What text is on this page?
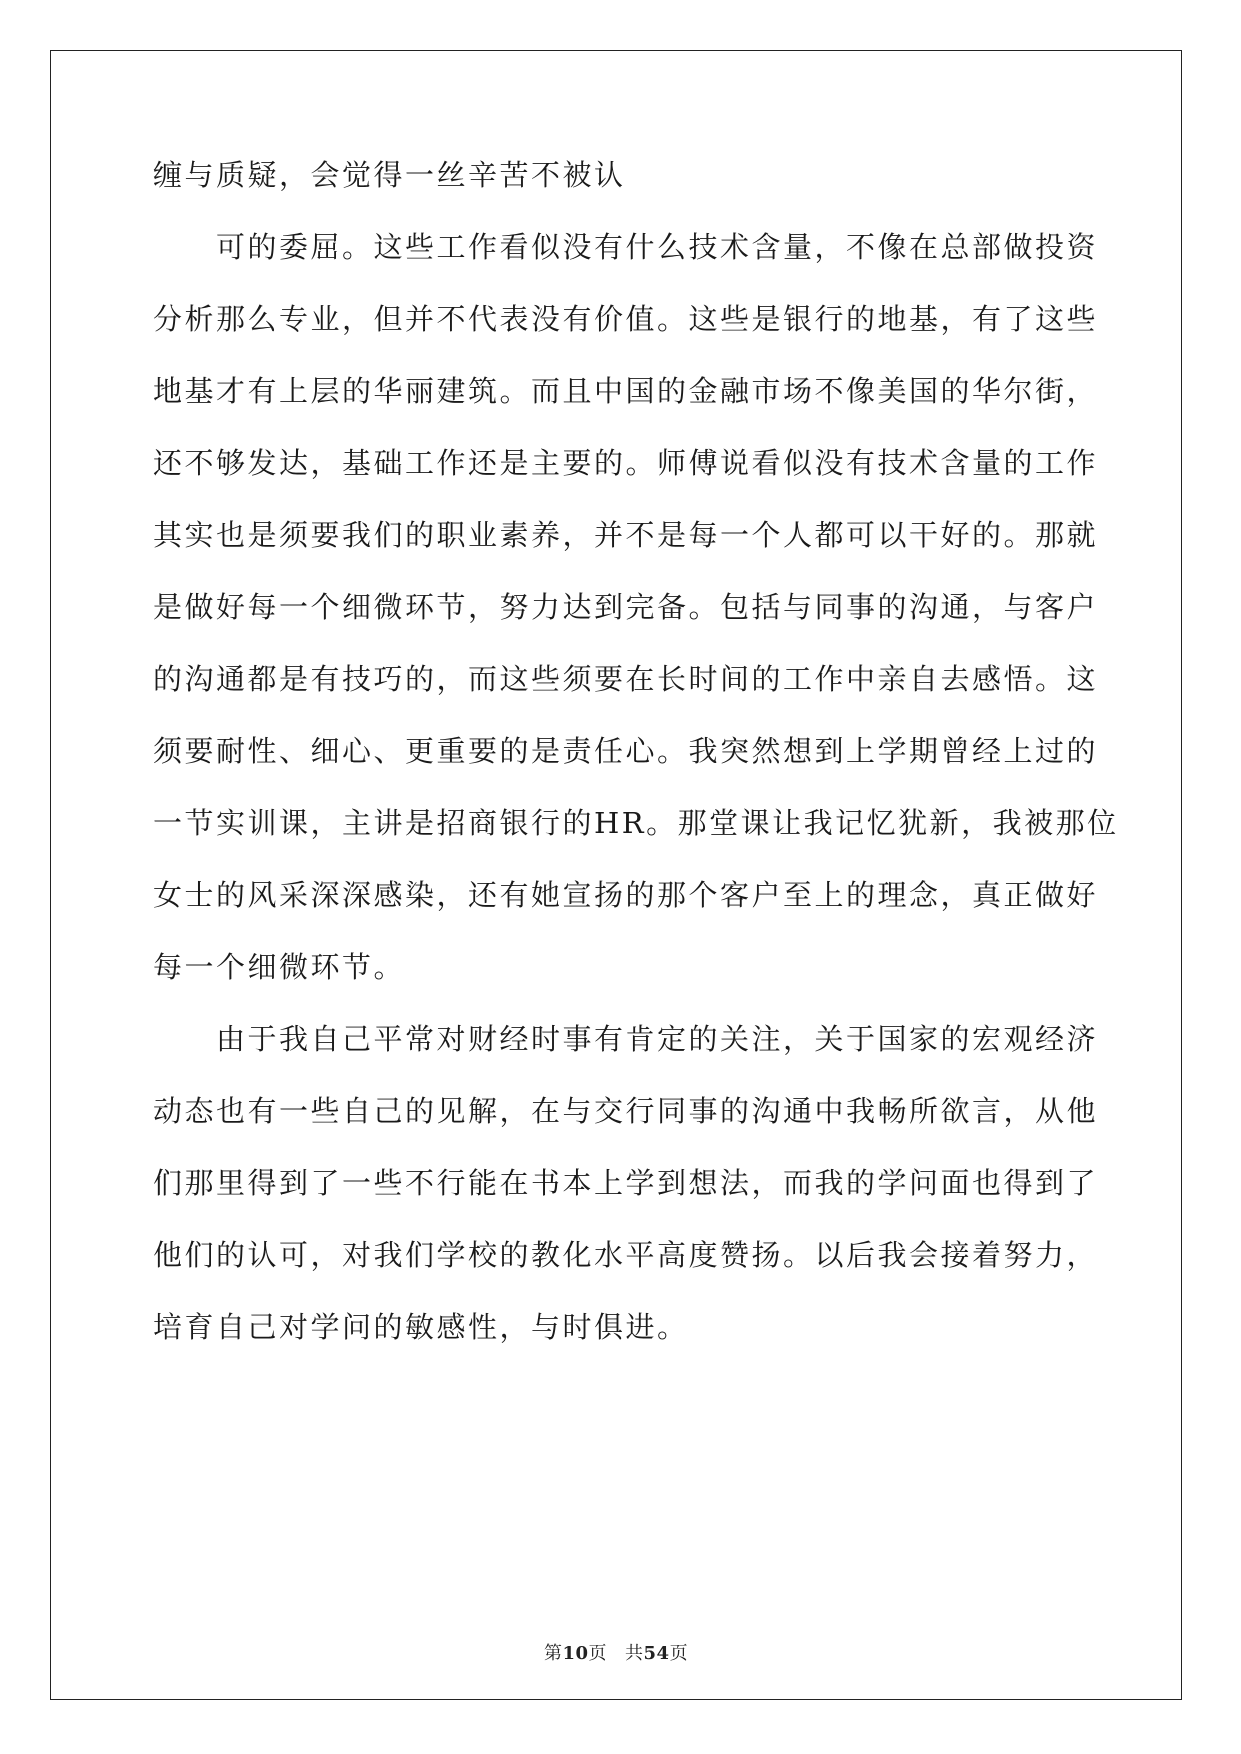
缠与质疑，会觉得一丝辛苦不被认
　　可的委屈。这些工作看似没有什么技术含量，不像在总部做投资
分析那么专业，但并不代表没有价值。这些是银行的地基，有了这些
地基才有上层的华丽建筑。而且中国的金融市场不像美国的华尔街，
还不够发达，基础工作还是主要的。师傅说看似没有技术含量的工作
其实也是须要我们的职业素养，并不是每一个人都可以干好的。那就
是做好每一个细微环节，努力达到完备。包括与同事的沟通，与客户
的沟通都是有技巧的，而这些须要在长时间的工作中亲自去感悟。这
须要耐性、细心、更重要的是责任心。我突然想到上学期曾经上过的
一节实训课，主讲是招商银行的HR。那堂课让我记忆犹新，我被那位
女士的风采深深感染，还有她宣扬的那个客户至上的理念，真正做好
每一个细微环节。
　　由于我自己平常对财经时事有肯定的关注，关于国家的宏观经济
动态也有一些自己的见解，在与交行同事的沟通中我畅所欲言，从他
们那里得到了一些不行能在书本上学到想法，而我的学问面也得到了
他们的认可，对我们学校的教化水平高度赞扬。以后我会接着努力，
培育自己对学问的敏感性，与时俱进。
第10页 共54页
